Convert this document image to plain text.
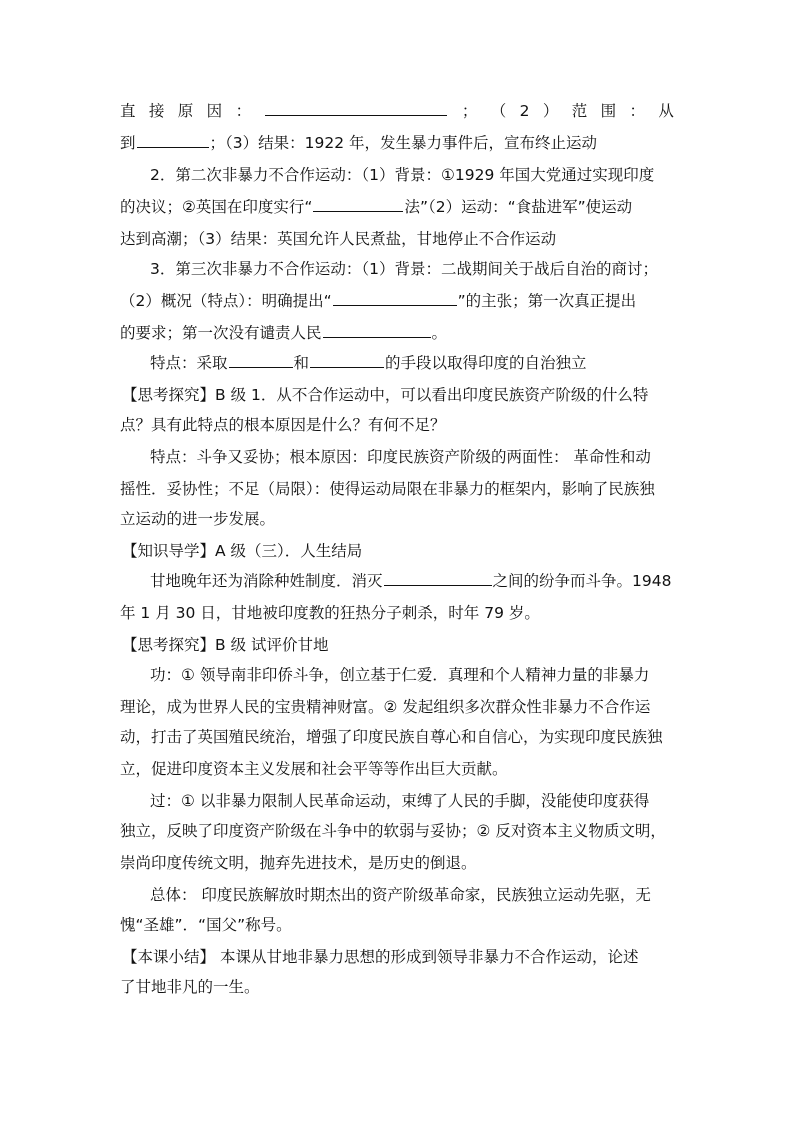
直 接 原 因 ：	； （ 2 ） 范 围 ： 从
到	；（3）结果：1922 年，发生暴力事件后，宣布终止运动
2．第二次非暴力不合作运动：（1）背景：①1929 年国大党通过实现印度
的决议；②英国在印度实行“	法”（2）运动：“食盐进军”使运动
达到高潮；（3）结果：英国允许人民煮盐，甘地停止不合作运动
3．第三次非暴力不合作运动：（1）背景：二战期间关于战后自治的商讨；
（2）概况（特点）：明确提出“	”的主张；第一次真正提出
的要求；第一次没有谴责人民	。
特点：采取	和	的手段以取得印度的自治独立
【思考探究】B 级 1．从不合作运动中，可以看出印度民族资产阶级的什么特
点？具有此特点的根本原因是什么？有何不足？
特点：斗争又妥协；根本原因：印度民族资产阶级的两面性： 革命性和动
摇性．妥协性；不足（局限）：使得运动局限在非暴力的框架内，影响了民族独
立运动的进一步发展。
【知识导学】A 级（三）．人生结局
甘地晚年还为消除种姓制度．消灭	之间的纷争而斗争。1948
年 1 月 30 日，甘地被印度教的狂热分子刺杀，时年 79 岁。
【思考探究】B 级 试评价甘地
功：① 领导南非印侨斗争，创立基于仁爱．真理和个人精神力量的非暴力
理论，成为世界人民的宝贵精神财富。② 发起组织多次群众性非暴力不合作运
动，打击了英国殖民统治，增强了印度民族自尊心和自信心，为实现印度民族独
立，促进印度资本主义发展和社会平等等作出巨大贡献。
过：① 以非暴力限制人民革命运动，束缚了人民的手脚，没能使印度获得
独立，反映了印度资产阶级在斗争中的软弱与妥协；② 反对资本主义物质文明，
崇尚印度传统文明，抛弃先进技术，是历史的倒退。
总体： 印度民族解放时期杰出的资产阶级革命家，民族独立运动先驱，无
愧“圣雄”．“国父”称号。
【本课小结】 本课从甘地非暴力思想的形成到领导非暴力不合作运动，论述
了甘地非凡的一生。
